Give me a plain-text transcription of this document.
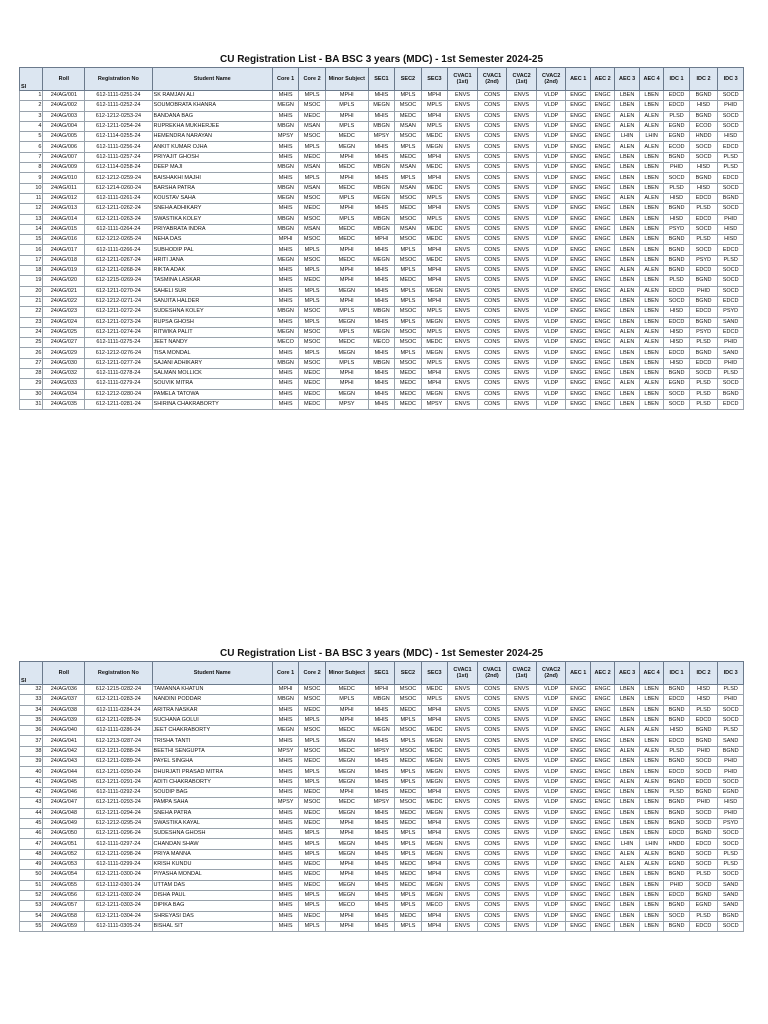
CU Registration List - BA BSC 3 years (MDC) - 1st Semester 2024-25
Sl	Roll	Registration No	Student Name	Core 1	Core 2	Minor Subject	SEC1	SEC2	SEC3	CVAC1 (1st)	CVAC1 (2nd)	CVAC2 (1st)	CVAC2 (2nd)	AEC 1	AEC 2	AEC 3	AEC 4	IDC 1	IDC 2	IDC 3
1	24/AG/001	612-1111-0251-24	SK RAMJAN ALI	MHIS	MPLS	MPHI	MHIS	MPLS	MPHI	ENVS	CONS	ENVS	VLDP	ENGC	ENGC	LBEN	LBEN	EDCD	BGND	SOCD
2	24/AG/002	612-1111-0252-24	SOUMOBRATA KHANRA	MEGN	MSOC	MPLS	MEGN	MSOC	MPLS	ENVS	CONS	ENVS	VLDP	ENGC	ENGC	LBEN	LBEN	EDCD	HISD	PHID
3	24/AG/003	612-1212-0253-24	BANDANA BAG	MHIS	MEDC	MPHI	MHIS	MEDC	MPHI	ENVS	CONS	ENVS	VLDP	ENGC	ENGC	ALEN	ALEN	PLSD	BGND	SOCD
4	24/AG/004	612-1211-0254-24	RUPREKHA MUKHERJEE	MBGN	MSAN	MPLS	MBGN	MSAN	MPLS	ENVS	CONS	ENVS	VLDP	ENGC	ENGC	ALEN	ALEN	EGND	ECOD	SOCD
5	24/AG/005	612-1114-0255-24	HEMENDRA NARAYAN	MPSY	MSOC	MEDC	MPSY	MSOC	MEDC	ENVS	CONS	ENVS	VLDP	ENGC	ENGC	LHIN	LHIN	EGND	HNDD	HISD
6	24/AG/006	612-1111-0256-24	ANKIT KUMAR OJHA	MHIS	MPLS	MEGN	MHIS	MPLS	MEGN	ENVS	CONS	ENVS	VLDP	ENGC	ENGC	ALEN	ALEN	ECOD	SOCD	EDCD
7	24/AG/007	612-1111-0257-24	PRIYAJIT GHOSH	MHIS	MEDC	MPHI	MHIS	MEDC	MPHI	ENVS	CONS	ENVS	VLDP	ENGC	ENGC	LBEN	LBEN	BGND	SOCD	PLSD
8	24/AG/009	612-1114-0258-24	DEEP MAJI	MBGN	MSAN	MEDC	MBGN	MSAN	MEDC	ENVS	CONS	ENVS	VLDP	ENGC	ENGC	LBEN	LBEN	PHID	HISD	PLSD
9	24/AG/010	612-1212-0259-24	BAISHAKHI MAJHI	MHIS	MPLS	MPHI	MHIS	MPLS	MPHI	ENVS	CONS	ENVS	VLDP	ENGC	ENGC	LBEN	LBEN	SOCD	BGND	EDCD
10	24/AG/011	612-1214-0260-24	BARSHA PATRA	MBGN	MSAN	MEDC	MBGN	MSAN	MEDC	ENVS	CONS	ENVS	VLDP	ENGC	ENGC	LBEN	LBEN	PLSD	HISD	SOCD
11	24/AG/012	612-1111-0261-24	KOUSTAV SAHA	MEGN	MSOC	MPLS	MEGN	MSOC	MPLS	ENVS	CONS	ENVS	VLDP	ENGC	ENGC	ALEN	ALEN	HISD	EDCD	BGND
12	24/AG/013	612-1211-0262-24	SNEHA ADHIKARY	MHIS	MEDC	MPHI	MHIS	MEDC	MPHI	ENVS	CONS	ENVS	VLDP	ENGC	ENGC	LBEN	LBEN	BGND	PLSD	SOCD
13	24/AG/014	612-1211-0263-24	SWASTIKA KOLEY	MBGN	MSOC	MPLS	MBGN	MSOC	MPLS	ENVS	CONS	ENVS	VLDP	ENGC	ENGC	LBEN	LBEN	HISD	EDCD	PHID
14	24/AG/015	612-1111-0264-24	PRIYABRATA INDRA	MBGN	MSAN	MEDC	MBGN	MSAN	MEDC	ENVS	CONS	ENVS	VLDP	ENGC	ENGC	LBEN	LBEN	PSYD	SOCD	HISD
15	24/AG/016	612-1212-0265-24	NEHA DAS	MPHI	MSOC	MEDC	MPHI	MSOC	MEDC	ENVS	CONS	ENVS	VLDP	ENGC	ENGC	LBEN	LBEN	BGND	PLSD	HISD
16	24/AG/017	612-1111-0266-24	SUBHODIP PAL	MHIS	MPLS	MPHI	MHIS	MPLS	MPHI	ENVS	CONS	ENVS	VLDP	ENGC	ENGC	LBEN	LBEN	BGND	SOCD	EDCD
17	24/AG/018	612-1211-0267-24	HRITI JANA	MEGN	MSOC	MEDC	MEGN	MSOC	MEDC	ENVS	CONS	ENVS	VLDP	ENGC	ENGC	LBEN	LBEN	BGND	PSYD	PLSD
18	24/AG/019	612-1211-0268-24	RIKTA ADAK	MHIS	MPLS	MPHI	MHIS	MPLS	MPHI	ENVS	CONS	ENVS	VLDP	ENGC	ENGC	ALEN	ALEN	BGND	EDCD	SOCD
19	24/AG/020	612-1215-0269-24	TASMINA LASKAR	MHIS	MEDC	MPHI	MHIS	MEDC	MPHI	ENVS	CONS	ENVS	VLDP	ENGC	ENGC	LBEN	LBEN	PLSD	BGND	SOCD
20	24/AG/021	612-1211-0270-24	SAHELI SUR	MHIS	MPLS	MEGN	MHIS	MPLS	MEGN	ENVS	CONS	ENVS	VLDP	ENGC	ENGC	ALEN	ALEN	EDCD	PHID	SOCD
21	24/AG/022	612-1212-0271-24	SANJITA HALDER	MHIS	MPLS	MPHI	MHIS	MPLS	MPHI	ENVS	CONS	ENVS	VLDP	ENGC	ENGC	LBEN	LBEN	SOCD	BGND	EDCD
22	24/AG/023	612-1211-0272-24	SUDESHNA KOLEY	MBGN	MSOC	MPLS	MBGN	MSOC	MPLS	ENVS	CONS	ENVS	VLDP	ENGC	ENGC	LBEN	LBEN	HISD	EDCD	PSYD
23	24/AG/024	612-1211-0273-24	RUPSA GHOSH	MHIS	MPLS	MEGN	MHIS	MPLS	MEGN	ENVS	CONS	ENVS	VLDP	ENGC	ENGC	LBEN	LBEN	EDCD	BGND	SAND
24	24/AG/025	612-1211-0274-24	RITWIKA PALIT	MEGN	MSOC	MPLS	MEGN	MSOC	MPLS	ENVS	CONS	ENVS	VLDP	ENGC	ENGC	ALEN	ALEN	HISD	PSYD	EDCD
25	24/AG/027	612-1111-0275-24	JEET NANDY	MECO	MSOC	MEDC	MECO	MSOC	MEDC	ENVS	CONS	ENVS	VLDP	ENGC	ENGC	ALEN	ALEN	HISD	PLSD	PHID
26	24/AG/029	612-1212-0276-24	TISA MONDAL	MHIS	MPLS	MEGN	MHIS	MPLS	MEGN	ENVS	CONS	ENVS	VLDP	ENGC	ENGC	LBEN	LBEN	EDCD	BGND	SAND
27	24/AG/030	612-1211-0277-24	SAJANI ADHIKARY	MBGN	MSOC	MPLS	MBGN	MSOC	MPLS	ENVS	CONS	ENVS	VLDP	ENGC	ENGC	LBEN	LBEN	HISD	EDCD	PHID
28	24/AG/032	612-1111-0278-24	SALMAN MOLLICK	MHIS	MEDC	MPHI	MHIS	MEDC	MPHI	ENVS	CONS	ENVS	VLDP	ENGC	ENGC	LBEN	LBEN	BGND	SOCD	PLSD
29	24/AG/033	612-1111-0279-24	SOUVIK MITRA	MHIS	MEDC	MPHI	MHIS	MEDC	MPHI	ENVS	CONS	ENVS	VLDP	ENGC	ENGC	ALEN	ALEN	EGND	PLSD	SOCD
30	24/AG/034	612-1212-0280-24	PAMELA TATOWA	MHIS	MEDC	MEGN	MHIS	MEDC	MEGN	ENVS	CONS	ENVS	VLDP	ENGC	ENGC	LBEN	LBEN	SOCD	PLSD	BGND
31	24/AG/035	612-1211-0281-24	SHIRINA CHAKRABORTY	MHIS	MEDC	MPSY	MHIS	MEDC	MPSY	ENVS	CONS	ENVS	VLDP	ENGC	ENGC	LBEN	LBEN	SOCD	PLSD	EDCD
CU Registration List - BA BSC 3 years (MDC) - 1st Semester 2024-25
Sl	Roll	Registration No	Student Name	Core 1	Core 2	Minor Subject	SEC1	SEC2	SEC3	CVAC1 (1st)	CVAC1 (2nd)	CVAC2 (1st)	CVAC2 (2nd)	AEC 1	AEC 2	AEC 3	AEC 4	IDC 1	IDC 2	IDC 3
32	24/AG/036	612-1215-0282-24	TAMANNA KHATUN	MPHI	MSOC	MEDC	MPHI	MSOC	MEDC	ENVS	CONS	ENVS	VLDP	ENGC	ENGC	LBEN	LBEN	BGND	HISD	PLSD
33	24/AG/037	612-1211-0283-24	NANDINI PODDAR	MBGN	MSOC	MPLS	MBGN	MSOC	MPLS	ENVS	CONS	ENVS	VLDP	ENGC	ENGC	LBEN	LBEN	EDCD	HISD	PHID
34	24/AG/038	612-1111-0284-24	ARITRA NASKAR	MHIS	MEDC	MPHI	MHIS	MEDC	MPHI	ENVS	CONS	ENVS	VLDP	ENGC	ENGC	LBEN	LBEN	BGND	PLSD	SOCD
35	24/AG/039	612-1211-0285-24	SUCHANA GOLUI	MHIS	MPLS	MPHI	MHIS	MPLS	MPHI	ENVS	CONS	ENVS	VLDP	ENGC	ENGC	LBEN	LBEN	BGND	EDCD	SOCD
36	24/AG/040	612-1111-0286-24	JEET CHAKRABORTY	MEGN	MSOC	MEDC	MEGN	MSOC	MEDC	ENVS	CONS	ENVS	VLDP	ENGC	ENGC	ALEN	ALEN	HISD	BGND	PLSD
37	24/AG/041	612-1213-0287-24	TRISHA TANTI	MHIS	MPLS	MEGN	MHIS	MPLS	MEGN	ENVS	CONS	ENVS	VLDP	ENGC	ENGC	LBEN	LBEN	EDCD	BGND	SAND
38	24/AG/042	612-1211-0288-24	BEETHI SENGUPTA	MPSY	MSOC	MEDC	MPSY	MSOC	MEDC	ENVS	CONS	ENVS	VLDP	ENGC	ENGC	ALEN	ALEN	PLSD	PHID	BGND
39	24/AG/043	612-1211-0289-24	PAYEL SINGHA	MHIS	MEDC	MEGN	MHIS	MEDC	MEGN	ENVS	CONS	ENVS	VLDP	ENGC	ENGC	LBEN	LBEN	BGND	SOCD	PHID
40	24/AG/044	612-1211-0290-24	DHURJATI PRASAD MITRA	MHIS	MPLS	MEGN	MHIS	MPLS	MEGN	ENVS	CONS	ENVS	VLDP	ENGC	ENGC	LBEN	LBEN	EDCD	SOCD	PHID
41	24/AG/045	612-1211-0291-24	ADITI CHAKRABORTY	MHIS	MPLS	MEGN	MHIS	MPLS	MEGN	ENVS	CONS	ENVS	VLDP	ENGC	ENGC	ALEN	ALEN	BGND	EDCD	SOCD
42	24/AG/046	612-1111-0292-24	SOUDIP BAG	MHIS	MEDC	MPHI	MHIS	MEDC	MPHI	ENVS	CONS	ENVS	VLDP	ENGC	ENGC	LBEN	LBEN	PLSD	BGND	EGND
43	24/AG/047	612-1211-0293-24	PAMPA SAHA	MPSY	MSOC	MEDC	MPSY	MSOC	MEDC	ENVS	CONS	ENVS	VLDP	ENGC	ENGC	LBEN	LBEN	BGND	PHID	HISD
44	24/AG/048	612-1211-0294-24	SNEHA PATRA	MHIS	MEDC	MEGN	MHIS	MEDC	MEGN	ENVS	CONS	ENVS	VLDP	ENGC	ENGC	LBEN	LBEN	BGND	SOCD	PHID
45	24/AG/049	612-1212-0295-24	SWASTIKA KAYAL	MHIS	MEDC	MPHI	MHIS	MEDC	MPHI	ENVS	CONS	ENVS	VLDP	ENGC	ENGC	LBEN	LBEN	BGND	SOCD	PSYD
46	24/AG/050	612-1211-0296-24	SUDESHNA GHOSH	MHIS	MPLS	MPHI	MHIS	MPLS	MPHI	ENVS	CONS	ENVS	VLDP	ENGC	ENGC	LBEN	LBEN	EDCD	BGND	SOCD
47	24/AG/051	612-1111-0297-24	CHANDAN SHAW	MHIS	MPLS	MEGN	MHIS	MPLS	MEGN	ENVS	CONS	ENVS	VLDP	ENGC	ENGC	LHIN	LHIN	HNDD	EDCD	SOCD
48	24/AG/052	612-1211-0298-24	PRIYA MANNA	MHIS	MPLS	MEGN	MHIS	MPLS	MEGN	ENVS	CONS	ENVS	VLDP	ENGC	ENGC	ALEN	ALEN	BGND	SOCD	PLSD
49	24/AG/053	612-1111-0299-24	KRISH KUNDU	MHIS	MEDC	MPHI	MHIS	MEDC	MPHI	ENVS	CONS	ENVS	VLDP	ENGC	ENGC	ALEN	ALEN	EGND	SOCD	PLSD
50	24/AG/054	612-1211-0300-24	PIYASHA MONDAL	MHIS	MEDC	MPHI	MHIS	MEDC	MPHI	ENVS	CONS	ENVS	VLDP	ENGC	ENGC	LBEN	LBEN	BGND	PLSD	SOCD
51	24/AG/055	612-1112-0301-24	UTTAM DAS	MHIS	MEDC	MEGN	MHIS	MEDC	MEGN	ENVS	CONS	ENVS	VLDP	ENGC	ENGC	LBEN	LBEN	PHID	SOCD	SAND
52	24/AG/056	612-1211-0302-24	DISHA PAUL	MHIS	MPLS	MEGN	MHIS	MPLS	MEGN	ENVS	CONS	ENVS	VLDP	ENGC	ENGC	LBEN	LBEN	EDCD	BGND	SAND
53	24/AG/057	612-1211-0303-24	DIPIKA BAG	MHIS	MPLS	MECO	MHIS	MPLS	MECO	ENVS	CONS	ENVS	VLDP	ENGC	ENGC	LBEN	LBEN	BGND	EGND	SAND
54	24/AG/058	612-1211-0304-24	SHREYASI DAS	MHIS	MEDC	MPHI	MHIS	MEDC	MPHI	ENVS	CONS	ENVS	VLDP	ENGC	ENGC	LBEN	LBEN	SOCD	PLSD	BGND
55	24/AG/059	612-1111-0305-24	BISHAL SIT	MHIS	MPLS	MPHI	MHIS	MPLS	MPHI	ENVS	CONS	ENVS	VLDP	ENGC	ENGC	LBEN	LBEN	BGND	EDCD	SOCD
